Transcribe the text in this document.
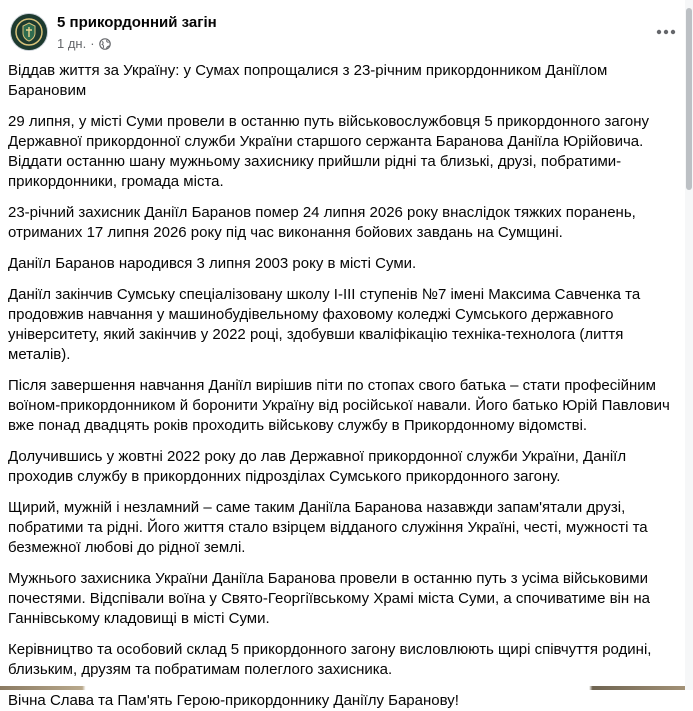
5 прикордонний загін
1 дн. ·

Віддав життя за Україну: у Сумах попрощалися з 23-річним прикордонником Даніїлом Барановим

29 липня, у місті Суми провели в останню путь військовослужбовця 5 прикордонного загону Державної прикордонної служби України старшого сержанта Баранова Даніїла Юрійовича. Віддати останню шану мужньому захиснику прийшли рідні та близькі, друзі, побратими-прикордонники, громада міста.

23-річний захисник Даніїл Баранов помер 24 липня 2026 року внаслідок тяжких поранень, отриманих 17 липня 2026 року під час виконання бойових завдань на Сумщині.

Даніїл Баранов народився 3 липня 2003 року в місті Суми.

Даніїл закінчив Сумську спеціалізовану школу I-III ступенів №7 імені Максима Савченка та продовжив навчання у машинобудівельному фаховому коледжі Сумського державного університету, який закінчив у 2022 році, здобувши кваліфікацію техніка-технолога (лиття металів).

Після завершення навчання Даніїл вирішив піти по стопах свого батька – стати професійним воїном-прикордонником й боронити Україну від російської навали. Його батько Юрій Павлович вже понад двадцять років проходить військову службу в Прикордонному відомстві.

Долучившись у жовтні 2022 року до лав Державної прикордонної служби України, Даніїл проходив службу в прикордонних підрозділах Сумського прикордонного загону.

Щирий, мужній і незламний – саме таким Даніїла Баранова назавжди запам'ятали друзі, побратими та рідні. Його життя стало взірцем відданого служіння Україні, честі, мужності та безмежної любові до рідної землі.

Мужнього захисника України Даніїла Баранова провели в останню путь з усіма військовими почестями. Відспівали воїна у Свято-Георгіївському Храмі міста Суми, а спочиватиме він на Ганнівському кладовищі в місті Суми.

Керівництво та особовий склад 5 прикордонного загону висловлюють щирі співчуття родині, близьким, друзям та побратимам полеглого захисника.

Вічна Слава та Пам'ять Герою-прикордоннику Даніїлу Баранову!
